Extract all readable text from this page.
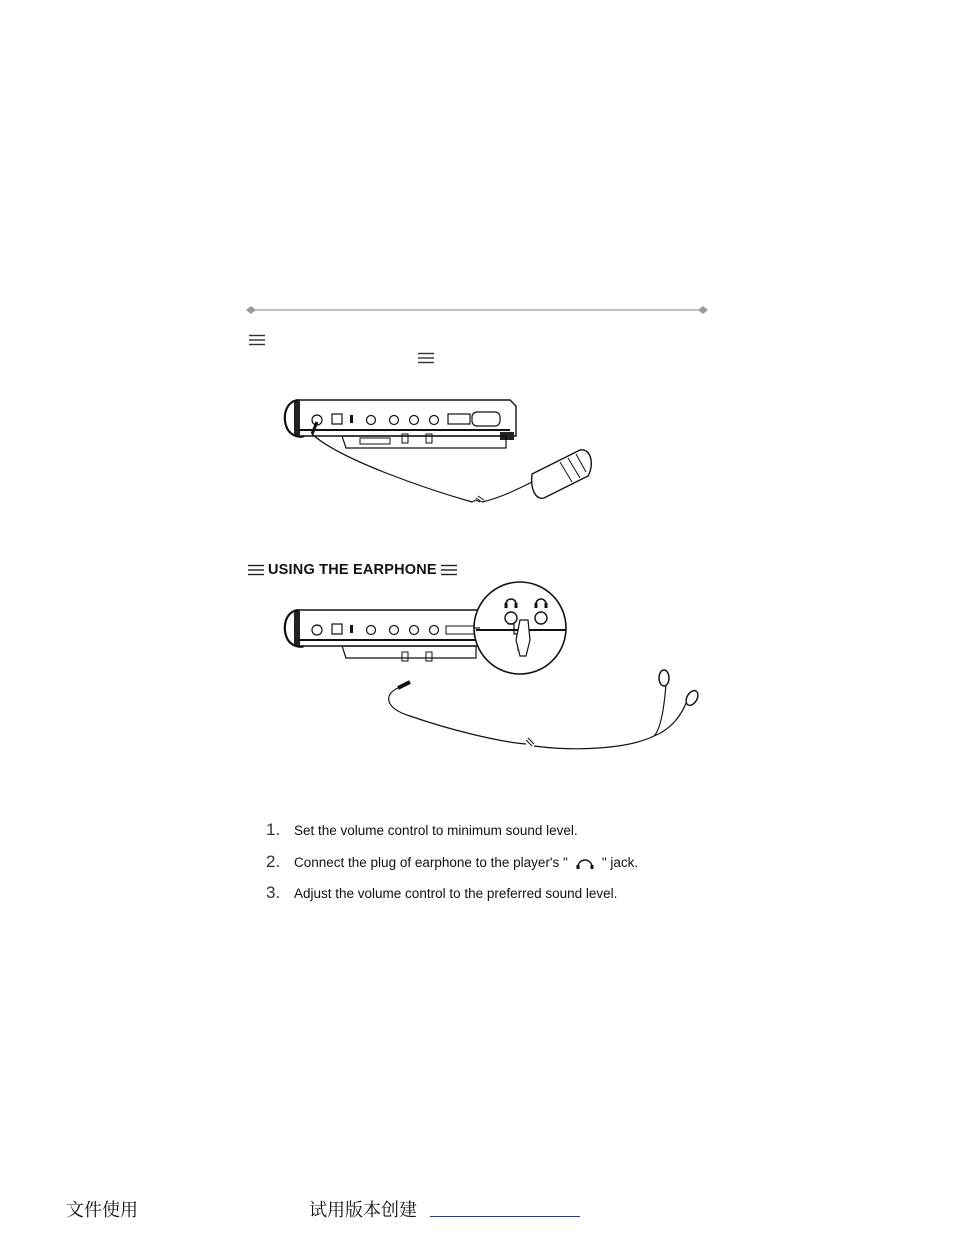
USING THE EARPHONE
1.	Set the volume control to minimum sound level.
2.	Connect the plug of earphone to the player's "	" jack.
3.	Adjust the volume control to the preferred sound level.
文件使用	试用版本创建
